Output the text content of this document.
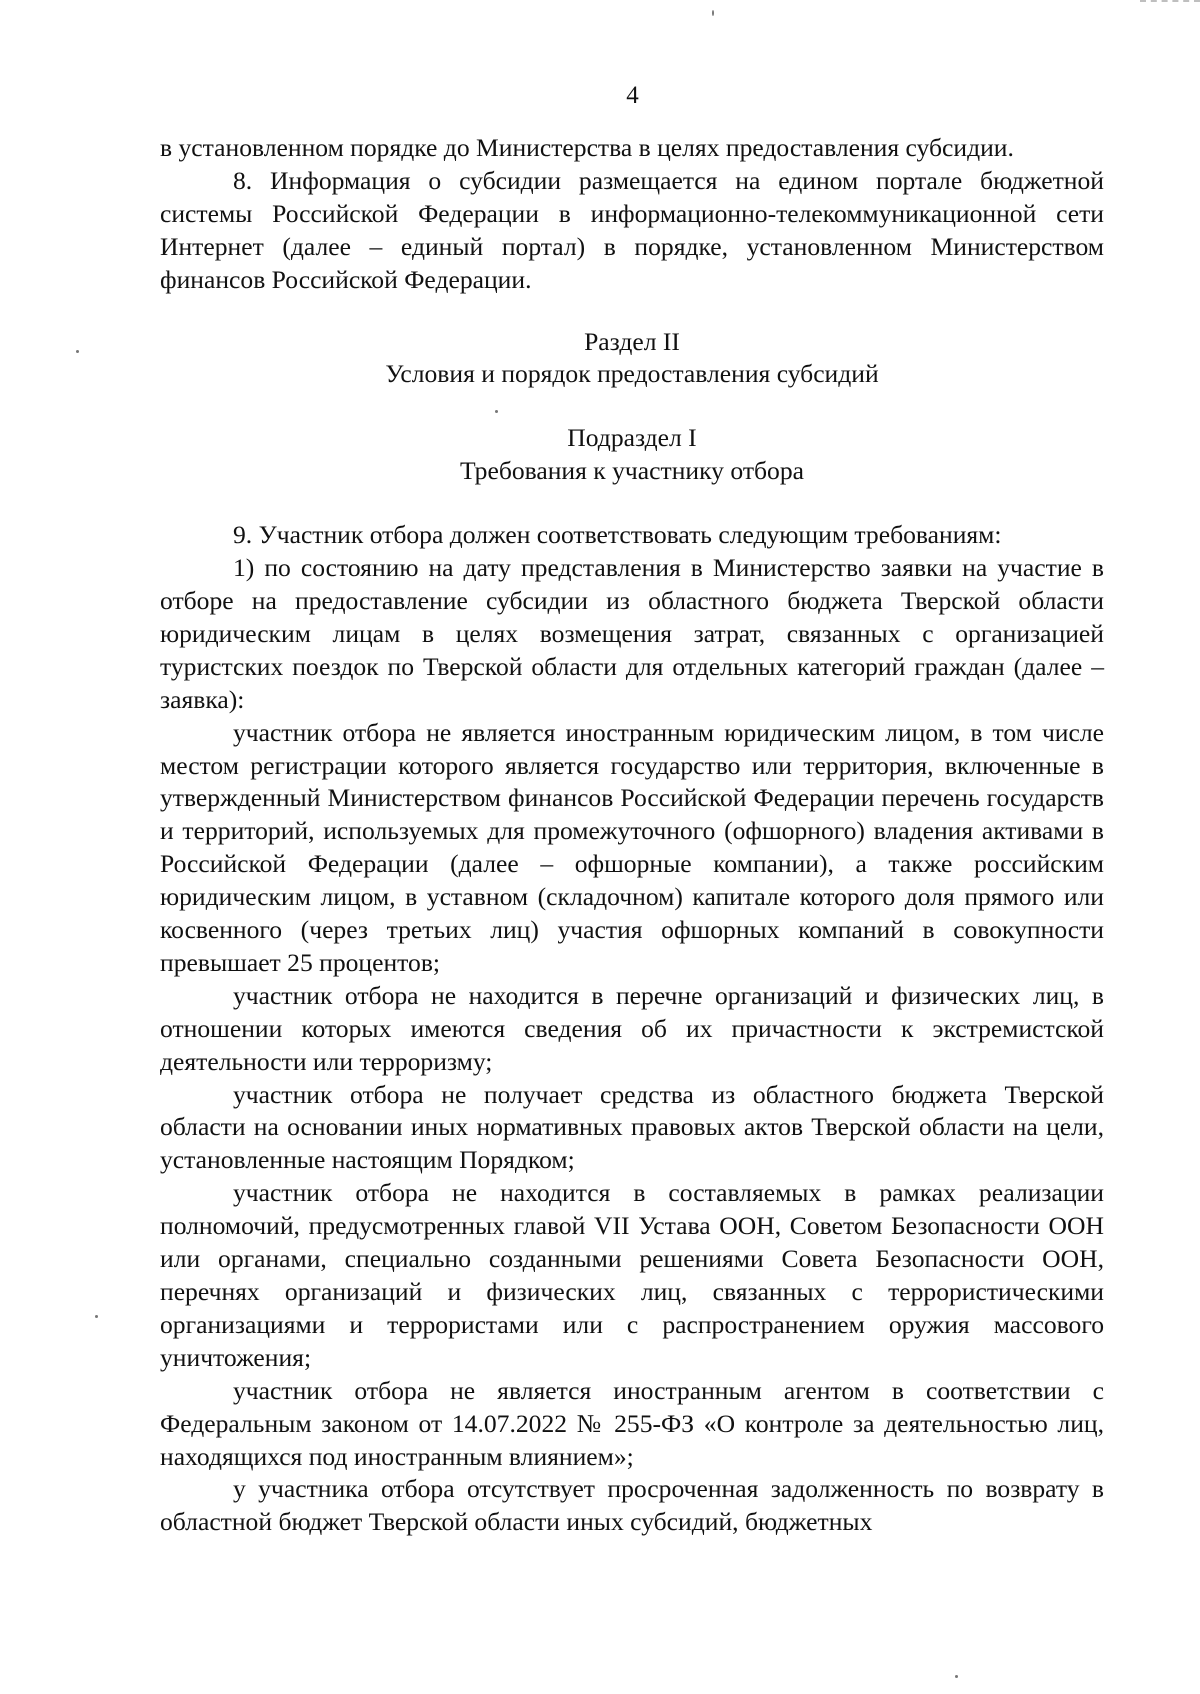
4

в установленном порядке до Министерства в целях предоставления субсидии.

8. Информация о субсидии размещается на едином портале бюджетной системы Российской Федерации в информационно-телекоммуникационной сети Интернет (далее – единый портал) в порядке, установленном Министерством финансов Российской Федерации.

Раздел II

Условия и порядок предоставления субсидий

Подраздел I

Требования к участнику отбора

9. Участник отбора должен соответствовать следующим требованиям:

1) по состоянию на дату представления в Министерство заявки на участие в отборе на предоставление субсидии из областного бюджета Тверской области юридическим лицам в целях возмещения затрат, связанных с организацией туристских поездок по Тверской области для отдельных категорий граждан (далее – заявка):

участник отбора не является иностранным юридическим лицом, в том числе местом регистрации которого является государство или территория, включенные в утвержденный Министерством финансов Российской Федерации перечень государств и территорий, используемых для промежуточного (офшорного) владения активами в Российской Федерации (далее – офшорные компании), а также российским юридическим лицом, в уставном (складочном) капитале которого доля прямого или косвенного (через третьих лиц) участия офшорных компаний в совокупности превышает 25 процентов;

участник отбора не находится в перечне организаций и физических лиц, в отношении которых имеются сведения об их причастности к экстремистской деятельности или терроризму;

участник отбора не получает средства из областного бюджета Тверской области на основании иных нормативных правовых актов Тверской области на цели, установленные настоящим Порядком;

участник отбора не находится в составляемых в рамках реализации полномочий, предусмотренных главой VII Устава ООН, Советом Безопасности ООН или органами, специально созданными решениями Совета Безопасности ООН, перечнях организаций и физических лиц, связанных с террористическими организациями и террористами или с распространением оружия массового уничтожения;

участник отбора не является иностранным агентом в соответствии с Федеральным законом от 14.07.2022 № 255-ФЗ «О контроле за деятельностью лиц, находящихся под иностранным влиянием»;

у участника отбора отсутствует просроченная задолженность по возврату в областной бюджет Тверской области иных субсидий, бюджетных
